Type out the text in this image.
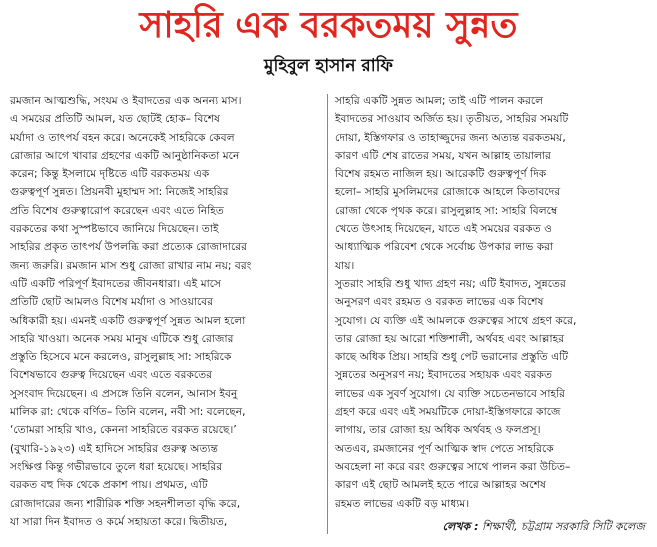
সাহরি এক বরকতময় সুন্নত
মুহিবুল হাসান রাফি

রমজান আত্মশুদ্ধি, সংযম ও ইবাদতের এক অনন্য মাস।
এ সময়ের প্রতিটি আমল, যত ছোটই হোক– বিশেষ
মর্যাদা ও তাৎপর্য বহন করে। অনেকেই সাহরিকে কেবল
রোজার আগে খাবার গ্রহণের একটি আনুষ্ঠানিকতা মনে
করেন; কিন্তু ইসলামে দৃষ্টিতে এটি বরকতময় এক
গুরুত্বপূর্ণ সুন্নত। প্রিয়নবী মুহাম্মদ সা: নিজেই সাহরির
প্রতি বিশেষ গুরুত্বারোপ করেছেন এবং এতে নিহিত
বরকতের কথা সুস্পষ্টভাবে জানিয়ে দিয়েছেন। তাই
সাহরির প্রকৃত তাৎপর্য উপলব্ধি করা প্রত্যেক রোজাদারের
জন্য জরুরি। রমজান মাস শুধু রোজা রাখার নাম নয়; বরং
এটি একটি পরিপূর্ণ ইবাদতের জীবনধারা। এই মাসে
প্রতিটি ছোট আমলও বিশেষ মর্যাদা ও সাওয়াবের
অধিকারী হয়। এমনই একটি গুরুত্বপূর্ণ সুন্নত আমল হলো
সাহরি খাওয়া। অনেক সময় মানুষ এটিকে শুধু রোজার
প্রস্তুতি হিসেবে মনে করলেও, রাসুলুল্লাহ সা: সাহরিকে
বিশেষভাবে গুরুত্ব দিয়েছেন এবং এতে বরকতের
সুসংবাদ দিয়েছেন। এ প্রসঙ্গে তিনি বলেন, আনাস ইবনু
মালিক রা: থেকে বর্ণিত– তিনি বলেন, নবী সা: বলেছেন,
‘তোমরা সাহরি খাও, কেননা সাহরিতে বরকত রয়েছে।’
(বুখারি-১৯২৩) এই হাদিসে সাহরির গুরুত্ব অত্যন্ত
সংক্ষিপ্ত কিন্তু গভীরভাবে তুলে ধরা হয়েছে। সাহরির
বরকত বহু দিক থেকে প্রকাশ পায়। প্রথমত, এটি
রোজাদারের জন্য শারীরিক শক্তি সহনশীলতা বৃদ্ধি করে,
যা সারা দিন ইবাদত ও কর্মে সহায়তা করে। দ্বিতীয়ত,

সাহরি একটি সুন্নত আমল; তাই এটি পালন করলে
ইবাদতের সাওয়াব অর্জিত হয়। তৃতীয়ত, সাহরির সময়টি
দোয়া, ইস্তিগফার ও তাহাজ্জুদের জন্য অত্যন্ত বরকতময়,
কারণ এটি শেষ রাতের সময়, যখন আল্লাহ তায়ালার
বিশেষ রহমত নাজিল হয়। আরেকটি গুরুত্বপূর্ণ দিক
হলো– সাহরি মুসলিমদের রোজাকে আহলে কিতাবদের
রোজা থেকে পৃথক করে। রাসুলুল্লাহ সা: সাহরি বিলম্বে
খেতে উৎসাহ দিয়েছেন, যাতে এই সময়ের বরকত ও
আধ্যাত্মিক পরিবেশ থেকে সর্বোচ্চ উপকার লাভ করা
যায়।
সুতরাং সাহরি শুধু খাদ্য গ্রহণ নয়; এটি ইবাদত, সুন্নতের
অনুসরণ এবং রহমত ও বরকত লাভের এক বিশেষ
সুযোগ। যে ব্যক্তি এই আমলকে গুরুত্বের সাথে গ্রহণ করে,
তার রোজা হয় আরো শক্তিশালী, অর্থবহ এবং আল্লাহর
কাছে অধিক প্রিয়। সাহরি শুধু পেট ভরানোর প্রস্তুতি এটি
সুন্নতের অনুসরণ নয়; ইবাদতের সহায়ক এবং বরকত
লাভের এক সুবর্ণ সুযোগ। যে ব্যক্তি সচেতনভাবে সাহরি
গ্রহণ করে এবং এই সময়টিকে দোয়া-ইস্তিগফারে কাজে
লাগায়, তার রোজা হয় অধিক অর্থবহ ও ফলপ্রসূ।
অতএব, রমজানের পূর্ণ আত্মিক স্বাদ পেতে সাহরিকে
অবহেলা না করে বরং গুরুত্বের সাথে পালন করা উচিত–
কারণ এই ছোট আমলই হতে পারে আল্লাহর অশেষ
রহমত লাভের একটি বড় মাধ্যম।

লেখক : শিক্ষার্থী, চট্টগ্রাম সরকারি সিটি কলেজ
